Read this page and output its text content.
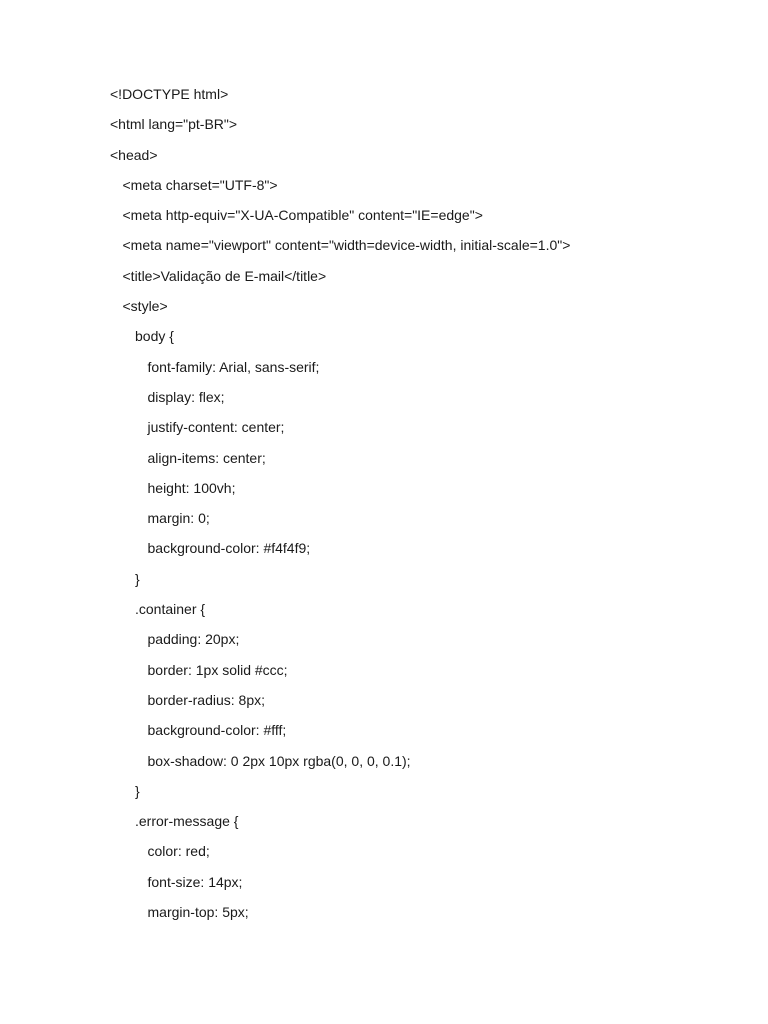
<!DOCTYPE html>
<html lang="pt-BR">
<head>
<meta charset="UTF-8">
<meta http-equiv="X-UA-Compatible" content="IE=edge">
<meta name="viewport" content="width=device-width, initial-scale=1.0">
<title>Validação de E-mail</title>
<style>
body {
font-family: Arial, sans-serif;
display: flex;
justify-content: center;
align-items: center;
height: 100vh;
margin: 0;
background-color: #f4f4f9;
}
.container {
padding: 20px;
border: 1px solid #ccc;
border-radius: 8px;
background-color: #fff;
box-shadow: 0 2px 10px rgba(0, 0, 0, 0.1);
}
.error-message {
color: red;
font-size: 14px;
margin-top: 5px;
